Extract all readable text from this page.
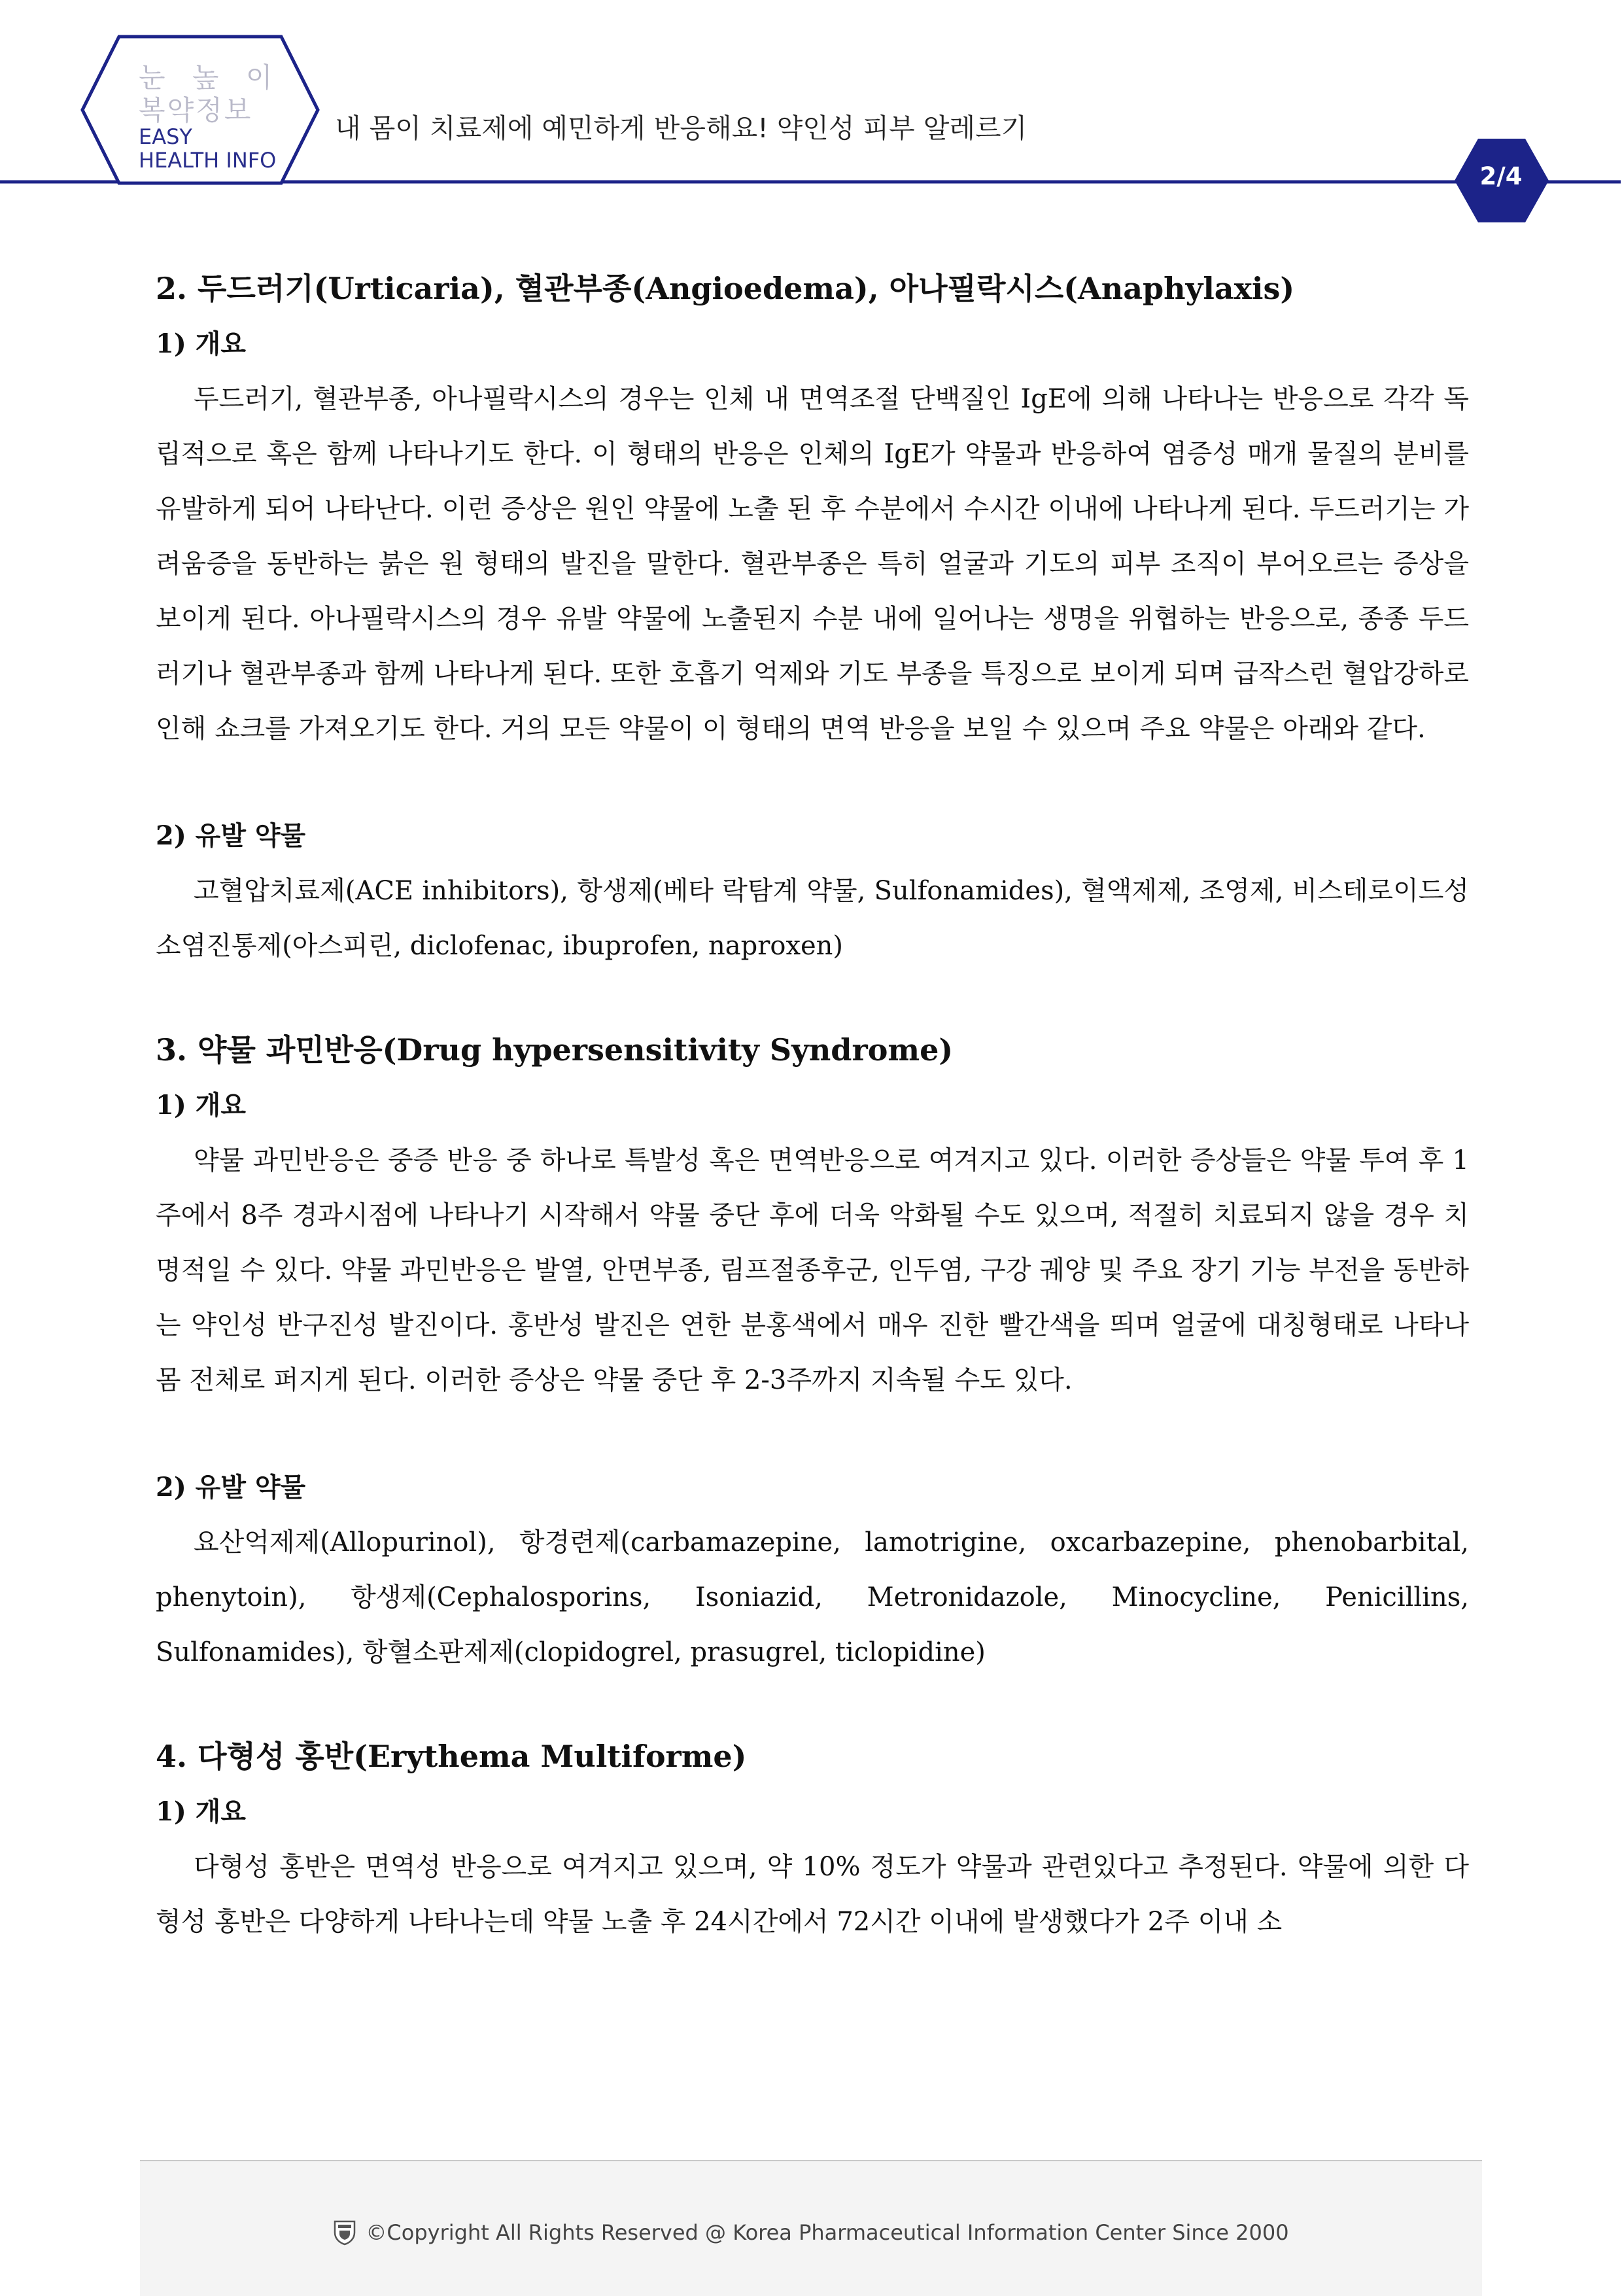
눈 높 이
복약정보
EASY
HEALTH INFO
내 몸이 치료제에 예민하게 반응해요! 약인성 피부 알레르기
2/4
2. 두드러기(Urticaria), 혈관부종(Angioedema), 아나필락시스(Anaphylaxis)
1) 개요

두드러기, 혈관부종, 아나필락시스의 경우는 인체 내 면역조절 단백질인 IgE에 의해 나타나는 반응으로 각각 독립적으로 혹은 함께 나타나기도 한다. 이 형태의 반응은 인체의 IgE가 약물과 반응하여 염증성 매개 물질의 분비를 유발하게 되어 나타난다. 이런 증상은 원인 약물에 노출 된 후 수분에서 수시간 이내에 나타나게 된다. 두드러기는 가려움증을 동반하는 붉은 원 형태의 발진을 말한다. 혈관부종은 특히 얼굴과 기도의 피부 조직이 부어오르는 증상을 보이게 된다. 아나필락시스의 경우 유발 약물에 노출된지 수분 내에 일어나는 생명을 위협하는 반응으로, 종종 두드러기나 혈관부종과 함께 나타나게 된다. 또한 호흡기 억제와 기도 부종을 특징으로 보이게 되며 급작스런 혈압강하로 인해 쇼크를 가져오기도 한다. 거의 모든 약물이 이 형태의 면역 반응을 보일 수 있으며 주요 약물은 아래와 같다.

2) 유발 약물

고혈압치료제(ACE inhibitors), 항생제(베타 락탐계 약물, Sulfonamides), 혈액제제, 조영제, 비스테로이드성 소염진통제(아스피린, diclofenac, ibuprofen, naproxen)

3. 약물 과민반응(Drug hypersensitivity Syndrome)
1) 개요

약물 과민반응은 중증 반응 중 하나로 특발성 혹은 면역반응으로 여겨지고 있다. 이러한 증상들은 약물 투여 후 1주에서 8주 경과시점에 나타나기 시작해서 약물 중단 후에 더욱 악화될 수도 있으며, 적절히 치료되지 않을 경우 치명적일 수 있다. 약물 과민반응은 발열, 안면부종, 림프절종후군, 인두염, 구강 궤양 및 주요 장기 기능 부전을 동반하는 약인성 반구진성 발진이다. 홍반성 발진은 연한 분홍색에서 매우 진한 빨간색을 띄며 얼굴에 대칭형태로 나타나 몸 전체로 퍼지게 된다. 이러한 증상은 약물 중단 후 2-3주까지 지속될 수도 있다.

2) 유발 약물

요산억제제(Allopurinol), 항경련제(carbamazepine, lamotrigine, oxcarbazepine, phenobarbital, phenytoin), 항생제(Cephalosporins, Isoniazid, Metronidazole, Minocycline, Penicillins, Sulfonamides), 항혈소판제제(clopidogrel, prasugrel, ticlopidine)

4. 다형성 홍반(Erythema Multiforme)
1) 개요

다형성 홍반은 면역성 반응으로 여겨지고 있으며, 약 10% 정도가 약물과 관련있다고 추정된다. 약물에 의한 다형성 홍반은 다양하게 나타나는데 약물 노출 후 24시간에서 72시간 이내에 발생했다가 2주 이내 소

©Copyright All Rights Reserved @ Korea Pharmaceutical Information Center Since 2000
